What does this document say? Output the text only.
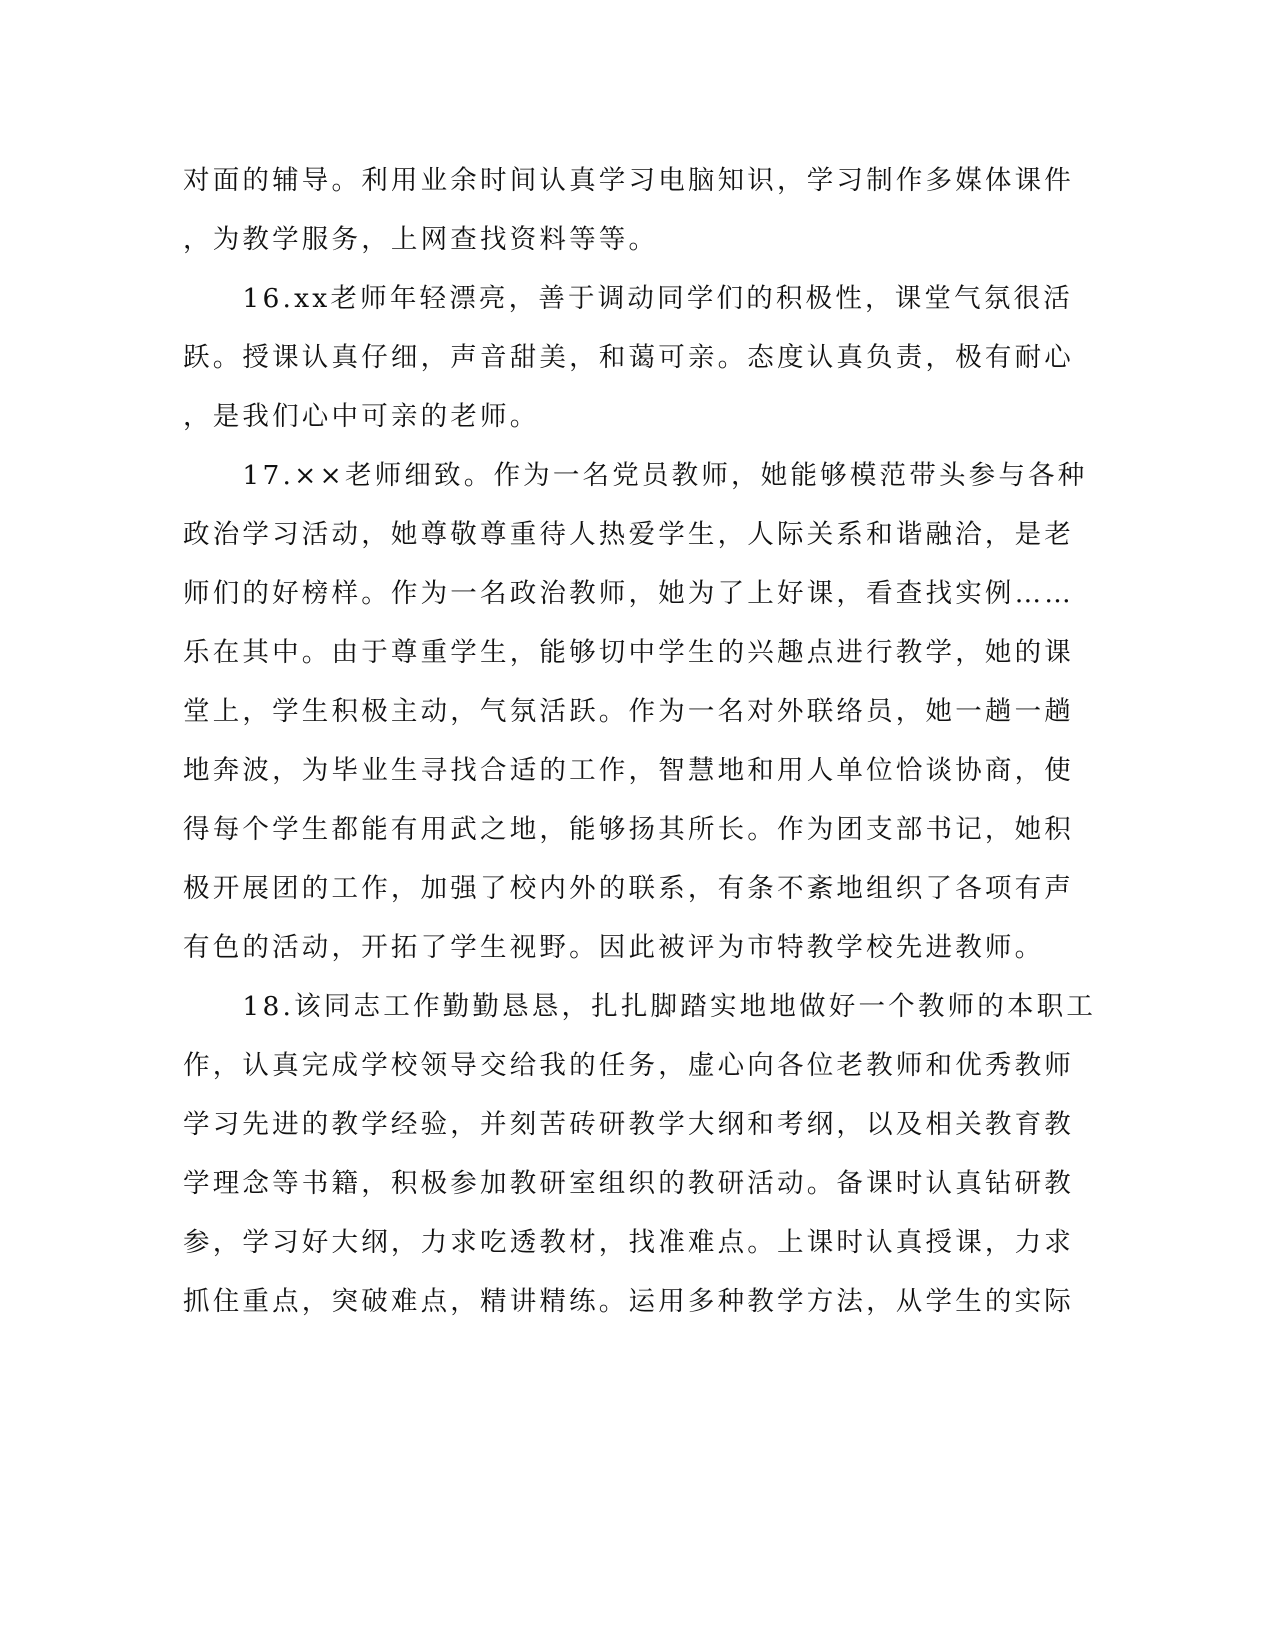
对面的辅导。利用业余时间认真学习电脑知识，学习制作多媒体课件
，为教学服务，上网查找资料等等。
　　16.xx老师年轻漂亮，善于调动同学们的积极性，课堂气氛很活
跃。授课认真仔细，声音甜美，和蔼可亲。态度认真负责，极有耐心
，是我们心中可亲的老师。
　　17.××老师细致。作为一名党员教师，她能够模范带头参与各种
政治学习活动，她尊敬尊重待人热爱学生，人际关系和谐融洽，是老
师们的好榜样。作为一名政治教师，她为了上好课，看查找实例……
乐在其中。由于尊重学生，能够切中学生的兴趣点进行教学，她的课
堂上，学生积极主动，气氛活跃。作为一名对外联络员，她一趟一趟
地奔波，为毕业生寻找合适的工作，智慧地和用人单位恰谈协商，使
得每个学生都能有用武之地，能够扬其所长。作为团支部书记，她积
极开展团的工作，加强了校内外的联系，有条不紊地组织了各项有声
有色的活动，开拓了学生视野。因此被评为市特教学校先进教师。
　　18.该同志工作勤勤恳恳，扎扎脚踏实地地做好一个教师的本职工
作，认真完成学校领导交给我的任务，虚心向各位老教师和优秀教师
学习先进的教学经验，并刻苦砖研教学大纲和考纲，以及相关教育教
学理念等书籍，积极参加教研室组织的教研活动。备课时认真钻研教
参，学习好大纲，力求吃透教材，找准难点。上课时认真授课，力求
抓住重点，突破难点，精讲精练。运用多种教学方法，从学生的实际
